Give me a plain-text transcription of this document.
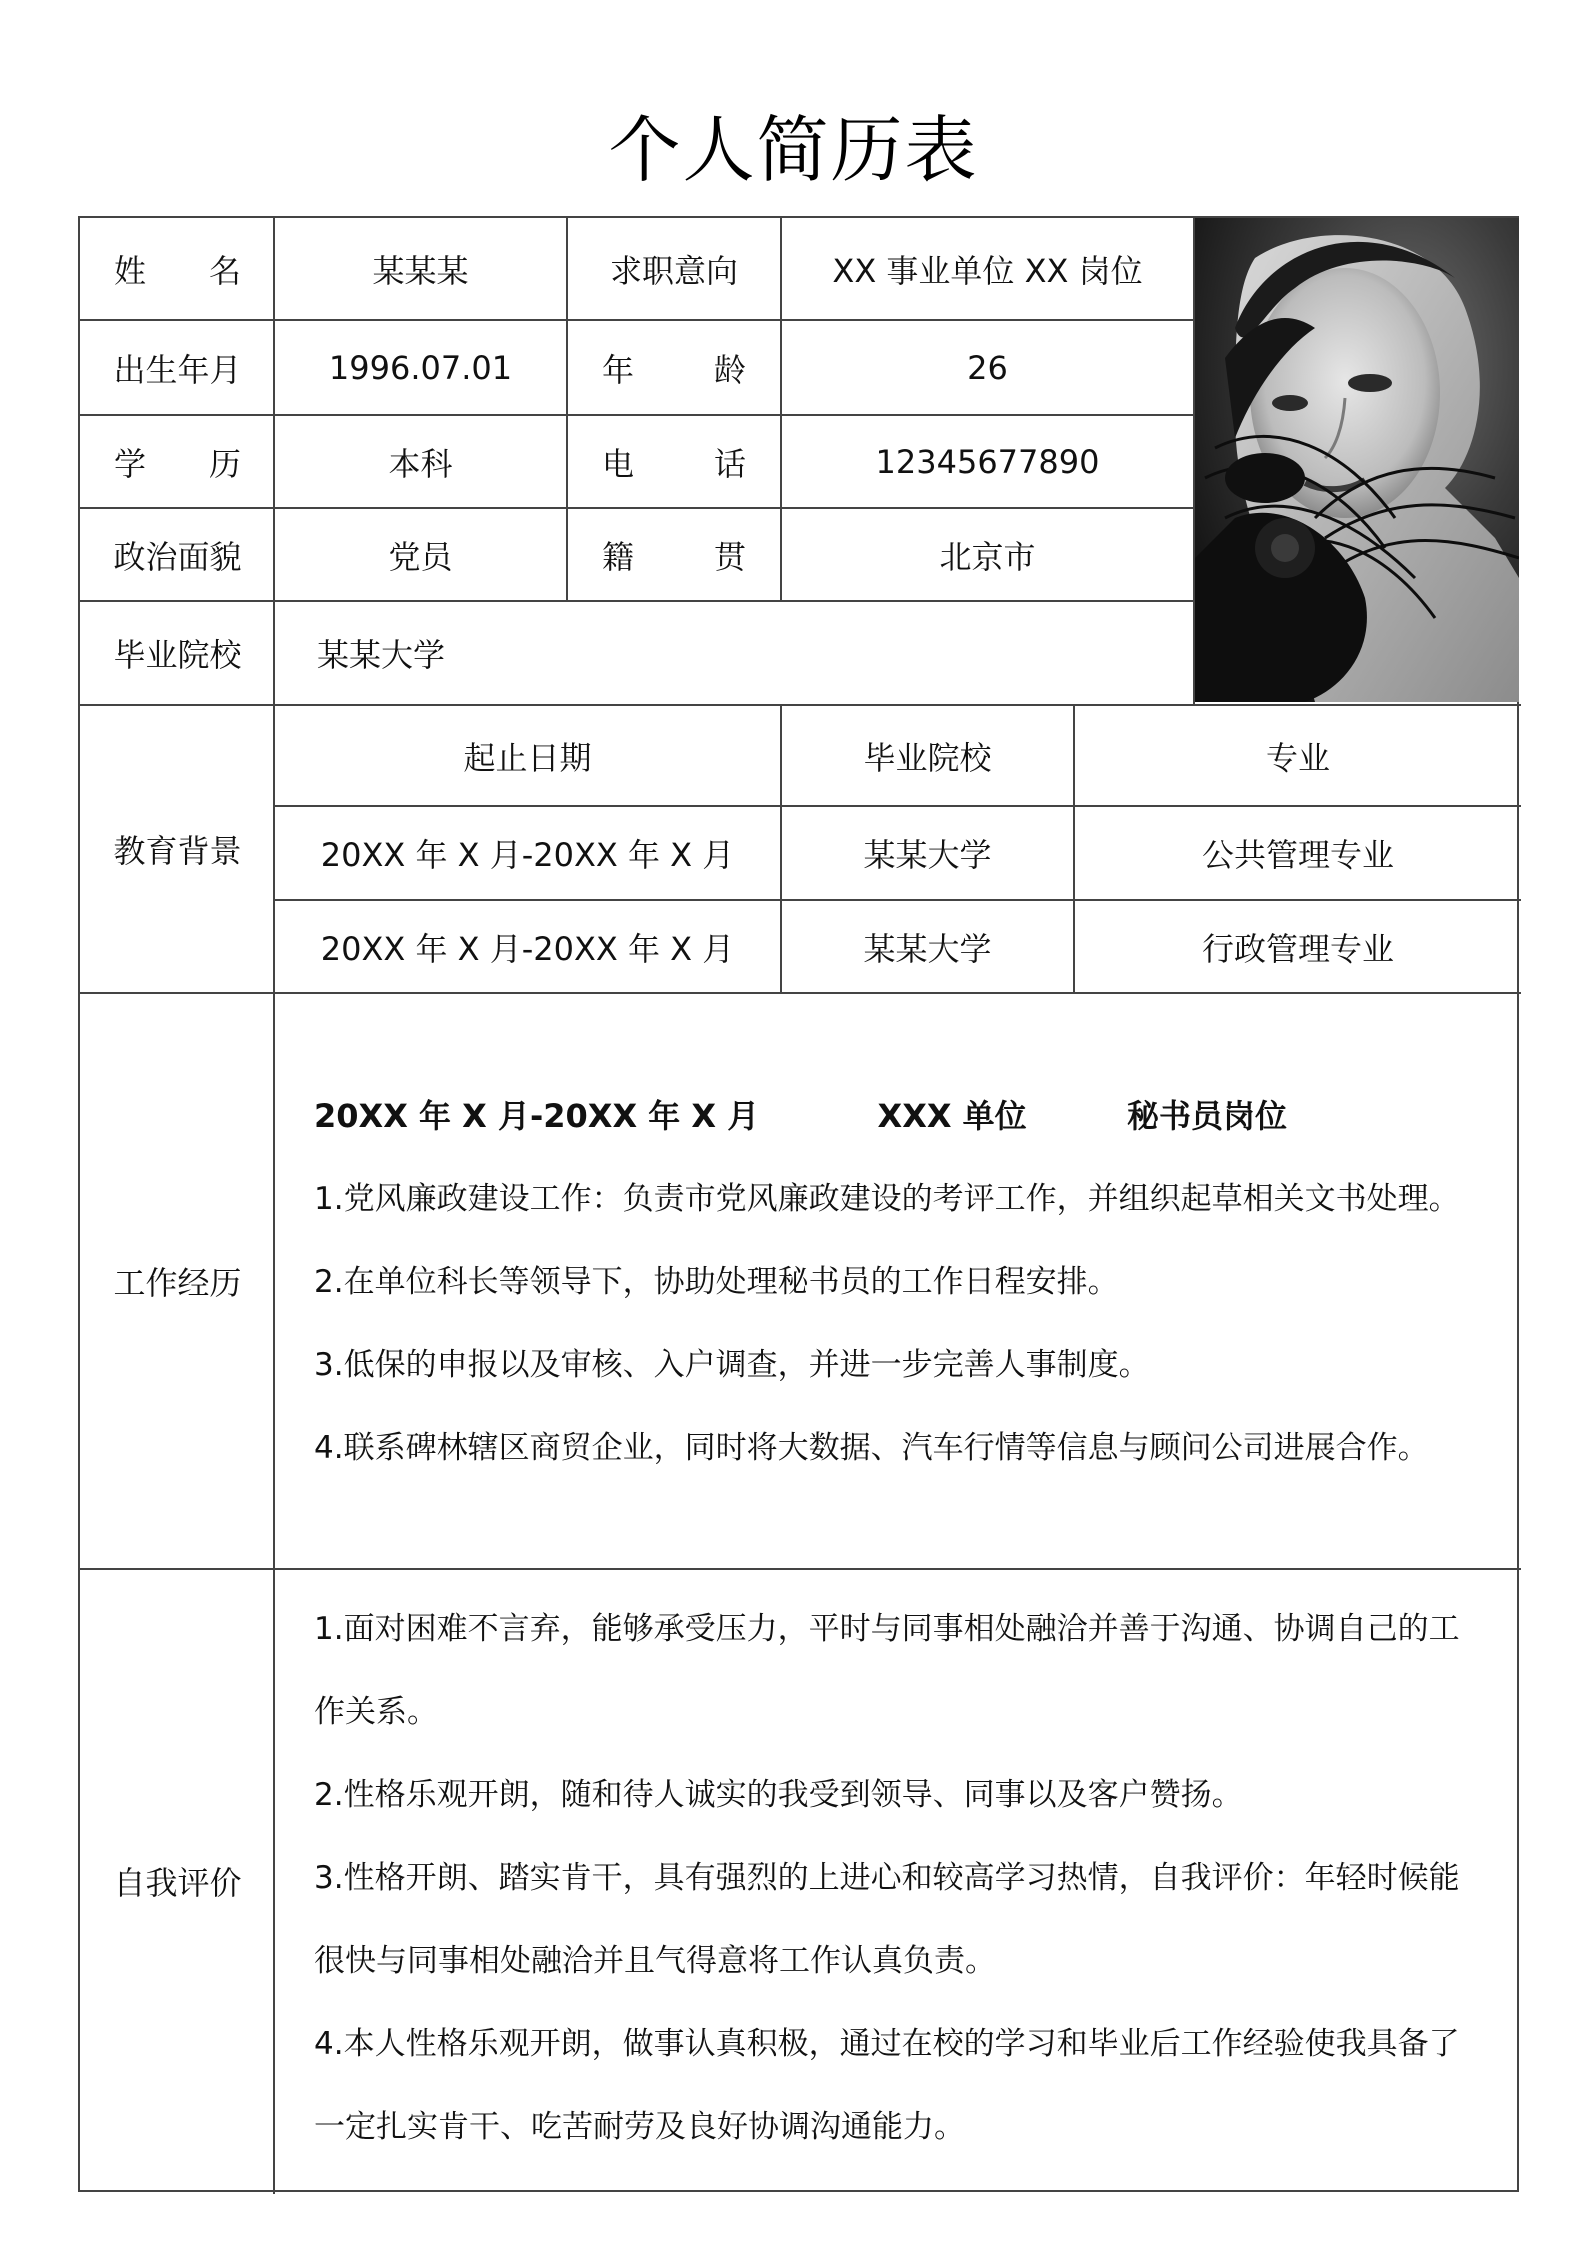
个人简历表
姓 名	某某某	求职意向	XX 事业单位 XX 岗位
出生年月	1996.07.01	年 龄	26
学 历	本科	电 话	12345677890
政治面貌	党员	籍 贯	北京市
毕业院校	某某大学
教育背景
起止日期	毕业院校	专业
20XX 年 X 月-20XX 年 X 月	某某大学	公共管理专业
20XX 年 X 月-20XX 年 X 月	某某大学	行政管理专业
工作经历
20XX 年 X 月-20XX 年 X 月	XXX 单位	秘书员岗位
1.党风廉政建设工作：负责市党风廉政建设的考评工作，并组织起草相关文书处理。
2.在单位科长等领导下，协助处理秘书员的工作日程安排。
3.低保的申报以及审核、入户调查，并进一步完善人事制度。
4.联系碑林辖区商贸企业，同时将大数据、汽车行情等信息与顾问公司进展合作。
自我评价
1.面对困难不言弃，能够承受压力，平时与同事相处融洽并善于沟通、协调自己的工
作关系。
2.性格乐观开朗，随和待人诚实的我受到领导、同事以及客户赞扬。
3.性格开朗、踏实肯干，具有强烈的上进心和较高学习热情，自我评价：年轻时候能
很快与同事相处融洽并且气得意将工作认真负责。
4.本人性格乐观开朗，做事认真积极，通过在校的学习和毕业后工作经验使我具备了
一定扎实肯干、吃苦耐劳及良好协调沟通能力。
